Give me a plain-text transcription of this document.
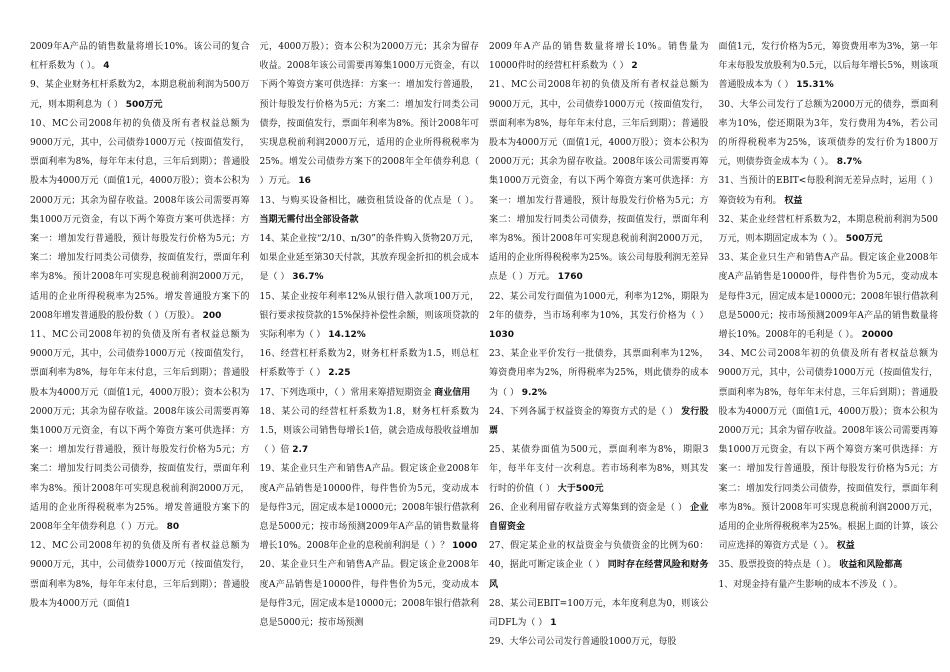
2009年A产品的销售数量将增长10%。该公司的复合杠杆系数为（ ）。 4

9、某企业财务杠杆系数为2，本期息税前利润为500万元，则本期利息为（ ） 500万元

10、MC公司2008年初的负债及所有者权益总额为9000万元，其中，公司债券1000万元（按面值发行，票面利率为8%，每年年末付息，三年后到期）；普通股股本为4000万元（面值1元，4000万股）；资本公积为2000万元；其余为留存收益。2008年该公司需要再筹集1000万元资金，有以下两个筹资方案可供选择：方案一：增加发行普通股，预计每股发行价格为5元；方案二：增加发行同类公司债券，按面值发行，票面年利率为8%。预计2008年可实现息税前利润2000万元，适用的企业所得税税率为25%。增发普通股方案下的2008年增发普通股的股份数（ ）（万股）。 200

11、MC公司2008年初的负债及所有者权益总额为9000万元，其中，公司债券1000万元（按面值发行，票面利率为8%，每年年末付息，三年后到期）；普通股股本为4000万元（面值1元，4000万股）；资本公积为2000万元；其余为留存收益。2008年该公司需要再筹集1000万元资金，有以下两个筹资方案可供选择：方案一：增加发行普通股，预计每股发行价格为5元；方案二：增加发行同类公司债券，按面值发行，票面年利率为8%。预计2008年可实现息税前利润2000万元，适用的企业所得税税率为25%。增发普通股方案下的2008年全年债券利息（ ）万元。 80

12、MC公司2008年初的负债及所有者权益总额为9000万元，其中，公司债券1000万元（按面值发行，票面利率为8%，每年年末付息，三年后到期）；普通股股本为4000万元（面值1

元，4000万股）；资本公积为2000万元；其余为留存收益。2008年该公司需要再筹集1000万元资金，有以下两个筹资方案可供选择：方案一：增加发行普通股，预计每股发行价格为5元；方案二：增加发行同类公司债券，按面值发行，票面年利率为8%。预计2008年可实现息税前利润2000万元，适用的企业所得税税率为25%。增发公司债券方案下的2008年全年债券利息（ ）万元。 16

13、与购买设备相比，融资租赁设备的优点是（ ）。 当期无需付出全部设备款

14、某企业按“2/10、n/30”的条件购入货物20万元，如果企业延至第30天付款，其放弃现金折扣的机会成本是（ ） 36.7%

15、某企业按年利率12%从银行借入款项100万元，银行要求按贷款的15%保持补偿性余额，则该项贷款的实际利率为（ ） 14.12%

16、经营杠杆系数为2，财务杠杆系数为1.5，则总杠杆系数等于（ ） 2.25

17、下列选项中，（ ）常用来筹措短期资金 商业信用

18、某公司的经营杠杆系数为1.8，财务杠杆系数为1.5，则该公司销售每增长1倍，就会造成每股收益增加（ ）倍 2.7

19、某企业只生产和销售A产品。假定该企业2008年度A产品销售是10000件，每件售价为5元，变动成本是每件3元，固定成本是10000元；2008年银行借款利息是5000元；按市场预测2009年A产品的销售数量将增长10%。2008年企业的息税前利润是（ ）？ 1000

20、某企业只生产和销售A产品。假定该企业2008年度A产品销售是10000件，每件售价为5元，变动成本是每件3元，固定成本是10000元；2008年银行借款利息是5000元；按市场预测

2009年A产品的销售数量将增长10%。销售量为10000件时的经营杠杆系数为（ ） 2

21、MC公司2008年初的负债及所有者权益总额为9000万元，其中，公司债券1000万元（按面值发行，票面利率为8%，每年年末付息，三年后到期）；普通股股本为4000万元（面值1元，4000万股）；资本公积为2000万元；其余为留存收益。2008年该公司需要再筹集1000万元资金，有以下两个筹资方案可供选择：方案一：增加发行普通股，预计每股发行价格为5元；方案二：增加发行同类公司债券，按面值发行，票面年利率为8%。预计2008年可实现息税前利润2000万元，适用的企业所得税税率为25%。该公司每股利润无差异点是（ ）万元。 1760

22、某公司发行面值为1000元，利率为12%，期限为2年的债券，当市场利率为10%，其发行价格为（ ） 1030

23、某企业平价发行一批债券，其票面利率为12%，筹资费用率为2%，所得税率为25%，则此债券的成本为（ ） 9.2%

24、下列各属于权益资金的筹资方式的是（ ） 发行股票

25、某债券面值为500元，票面利率为8%，期限3年，每半年支付一次利息。若市场利率为8%，则其发行时的价值（ ） 大于500元

26、企业利用留存收益方式筹集到的资金是（ ） 企业自留资金

27、假定某企业的权益资金与负债资金的比例为60：40，据此可断定该企业（ ） 同时存在经营风险和财务风

28、某公司EBIT=100万元，本年度利息为0，则该公司DFL为（ ） 1

29、大华公司公司发行普通股1000万元，每股

面值1元，发行价格为5元，筹资费用率为3%，第一年年末每股发放股利为0.5元，以后每年增长5%，则该项普通股成本为（ ） 15.31%

30、大华公司发行了总额为2000万元的债券，票面利率为10%，偿还期限为3年，发行费用为4%，若公司的所得税税率为25%，该项债券的发行价为1800万元，则债券资金成本为（ ）。 8.7%

31、当预计的EBIT<每股利润无差异点时，运用（ ）筹资较为有利。 权益

32、某企业经营杠杆系数为2，本期息税前利润为500万元，则本期固定成本为（ ）。 500万元

33、某企业只生产和销售A产品。假定该企业2008年度A产品销售是10000件，每件售价为5元，变动成本是每件3元，固定成本是10000元；2008年银行借款利息是5000元；按市场预测2009年A产品的销售数量将增长10%。2008年的毛利是（ ）。 20000

34、MC公司2008年初的负债及所有者权益总额为9000万元，其中，公司债券1000万元（按面值发行，票面利率为8%，每年年末付息，三年后到期）；普通股股本为4000万元（面值1元，4000万股）；资本公积为2000万元；其余为留存收益。2008年该公司需要再筹集1000万元资金，有以下两个筹资方案可供选择：方案一：增加发行普通股，预计每股发行价格为5元；方案二：增加发行同类公司债券，按面值发行，票面年利率为8%。预计2008年可实现息税前利润2000万元，适用的企业所得税税率为25%。根据上面的计算，该公司应选择的筹资方式是（ ）。 权益

35、股票投资的特点是（ ）。 收益和风险都高

1、对现金持有量产生影响的成本不涉及（ ）。
